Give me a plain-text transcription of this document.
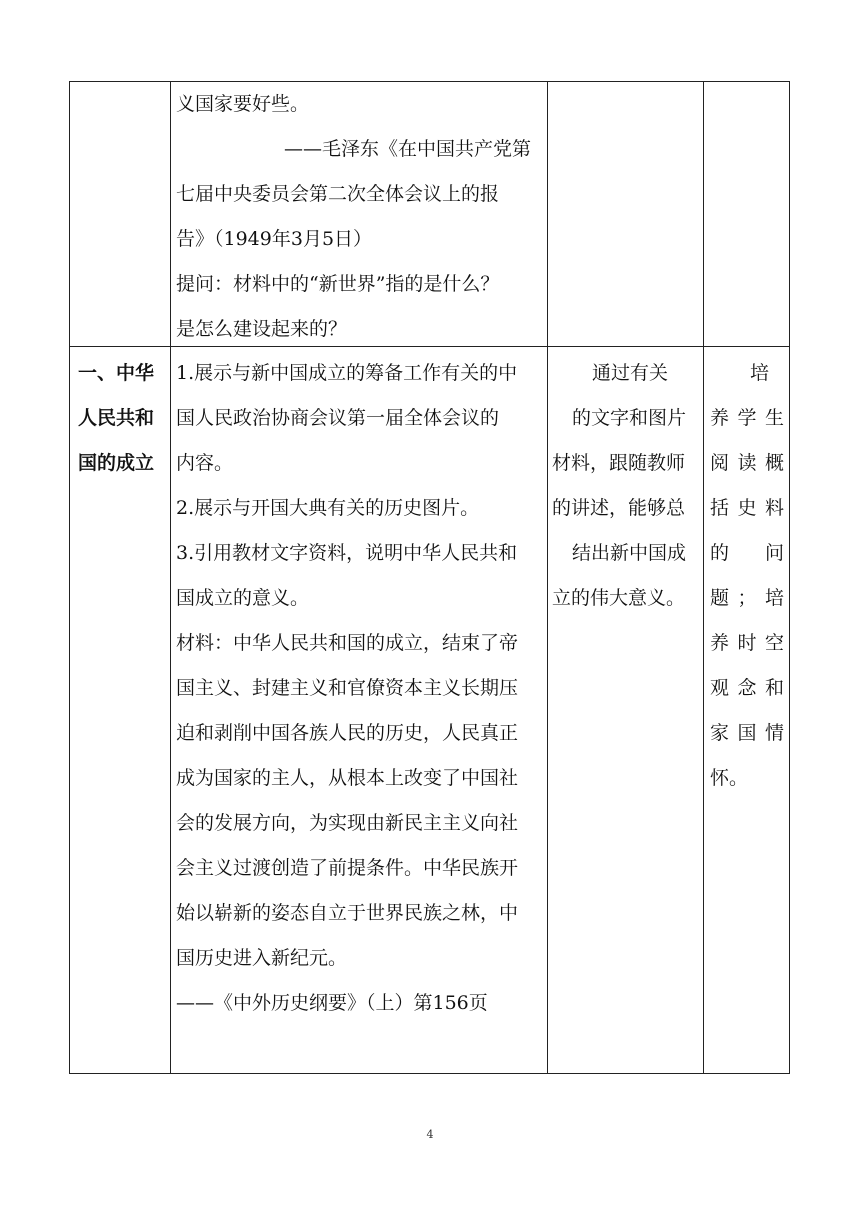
义国家要好些。
——毛泽东《在中国共产党第
七届中央委员会第二次全体会议上的报
告》（1949年3月5日）
提问：材料中的“新世界”指的是什么？
是怎么建设起来的？
一、中华
人民共和
国的成立
1.展示与新中国成立的筹备工作有关的中
国人民政治协商会议第一届全体会议的
内容。
2.展示与开国大典有关的历史图片。
3.引用教材文字资料，说明中华人民共和
国成立的意义。
材料：中华人民共和国的成立，结束了帝
国主义、封建主义和官僚资本主义长期压
迫和剥削中国各族人民的历史，人民真正
成为国家的主人，从根本上改变了中国社
会的发展方向，为实现由新民主主义向社
会主义过渡创造了前提条件。中华民族开
始以崭新的姿态自立于世界民族之林，中
国历史进入新纪元。
——《中外历史纲要》（上）第156页
通过有关
的文字和图片
材料，跟随教师
的讲述，能够总
结出新中国成
立的伟大意义。
培
养学生
阅读概
括史料
的　问
题；培
养时空
观念和
家国情
怀。
4
